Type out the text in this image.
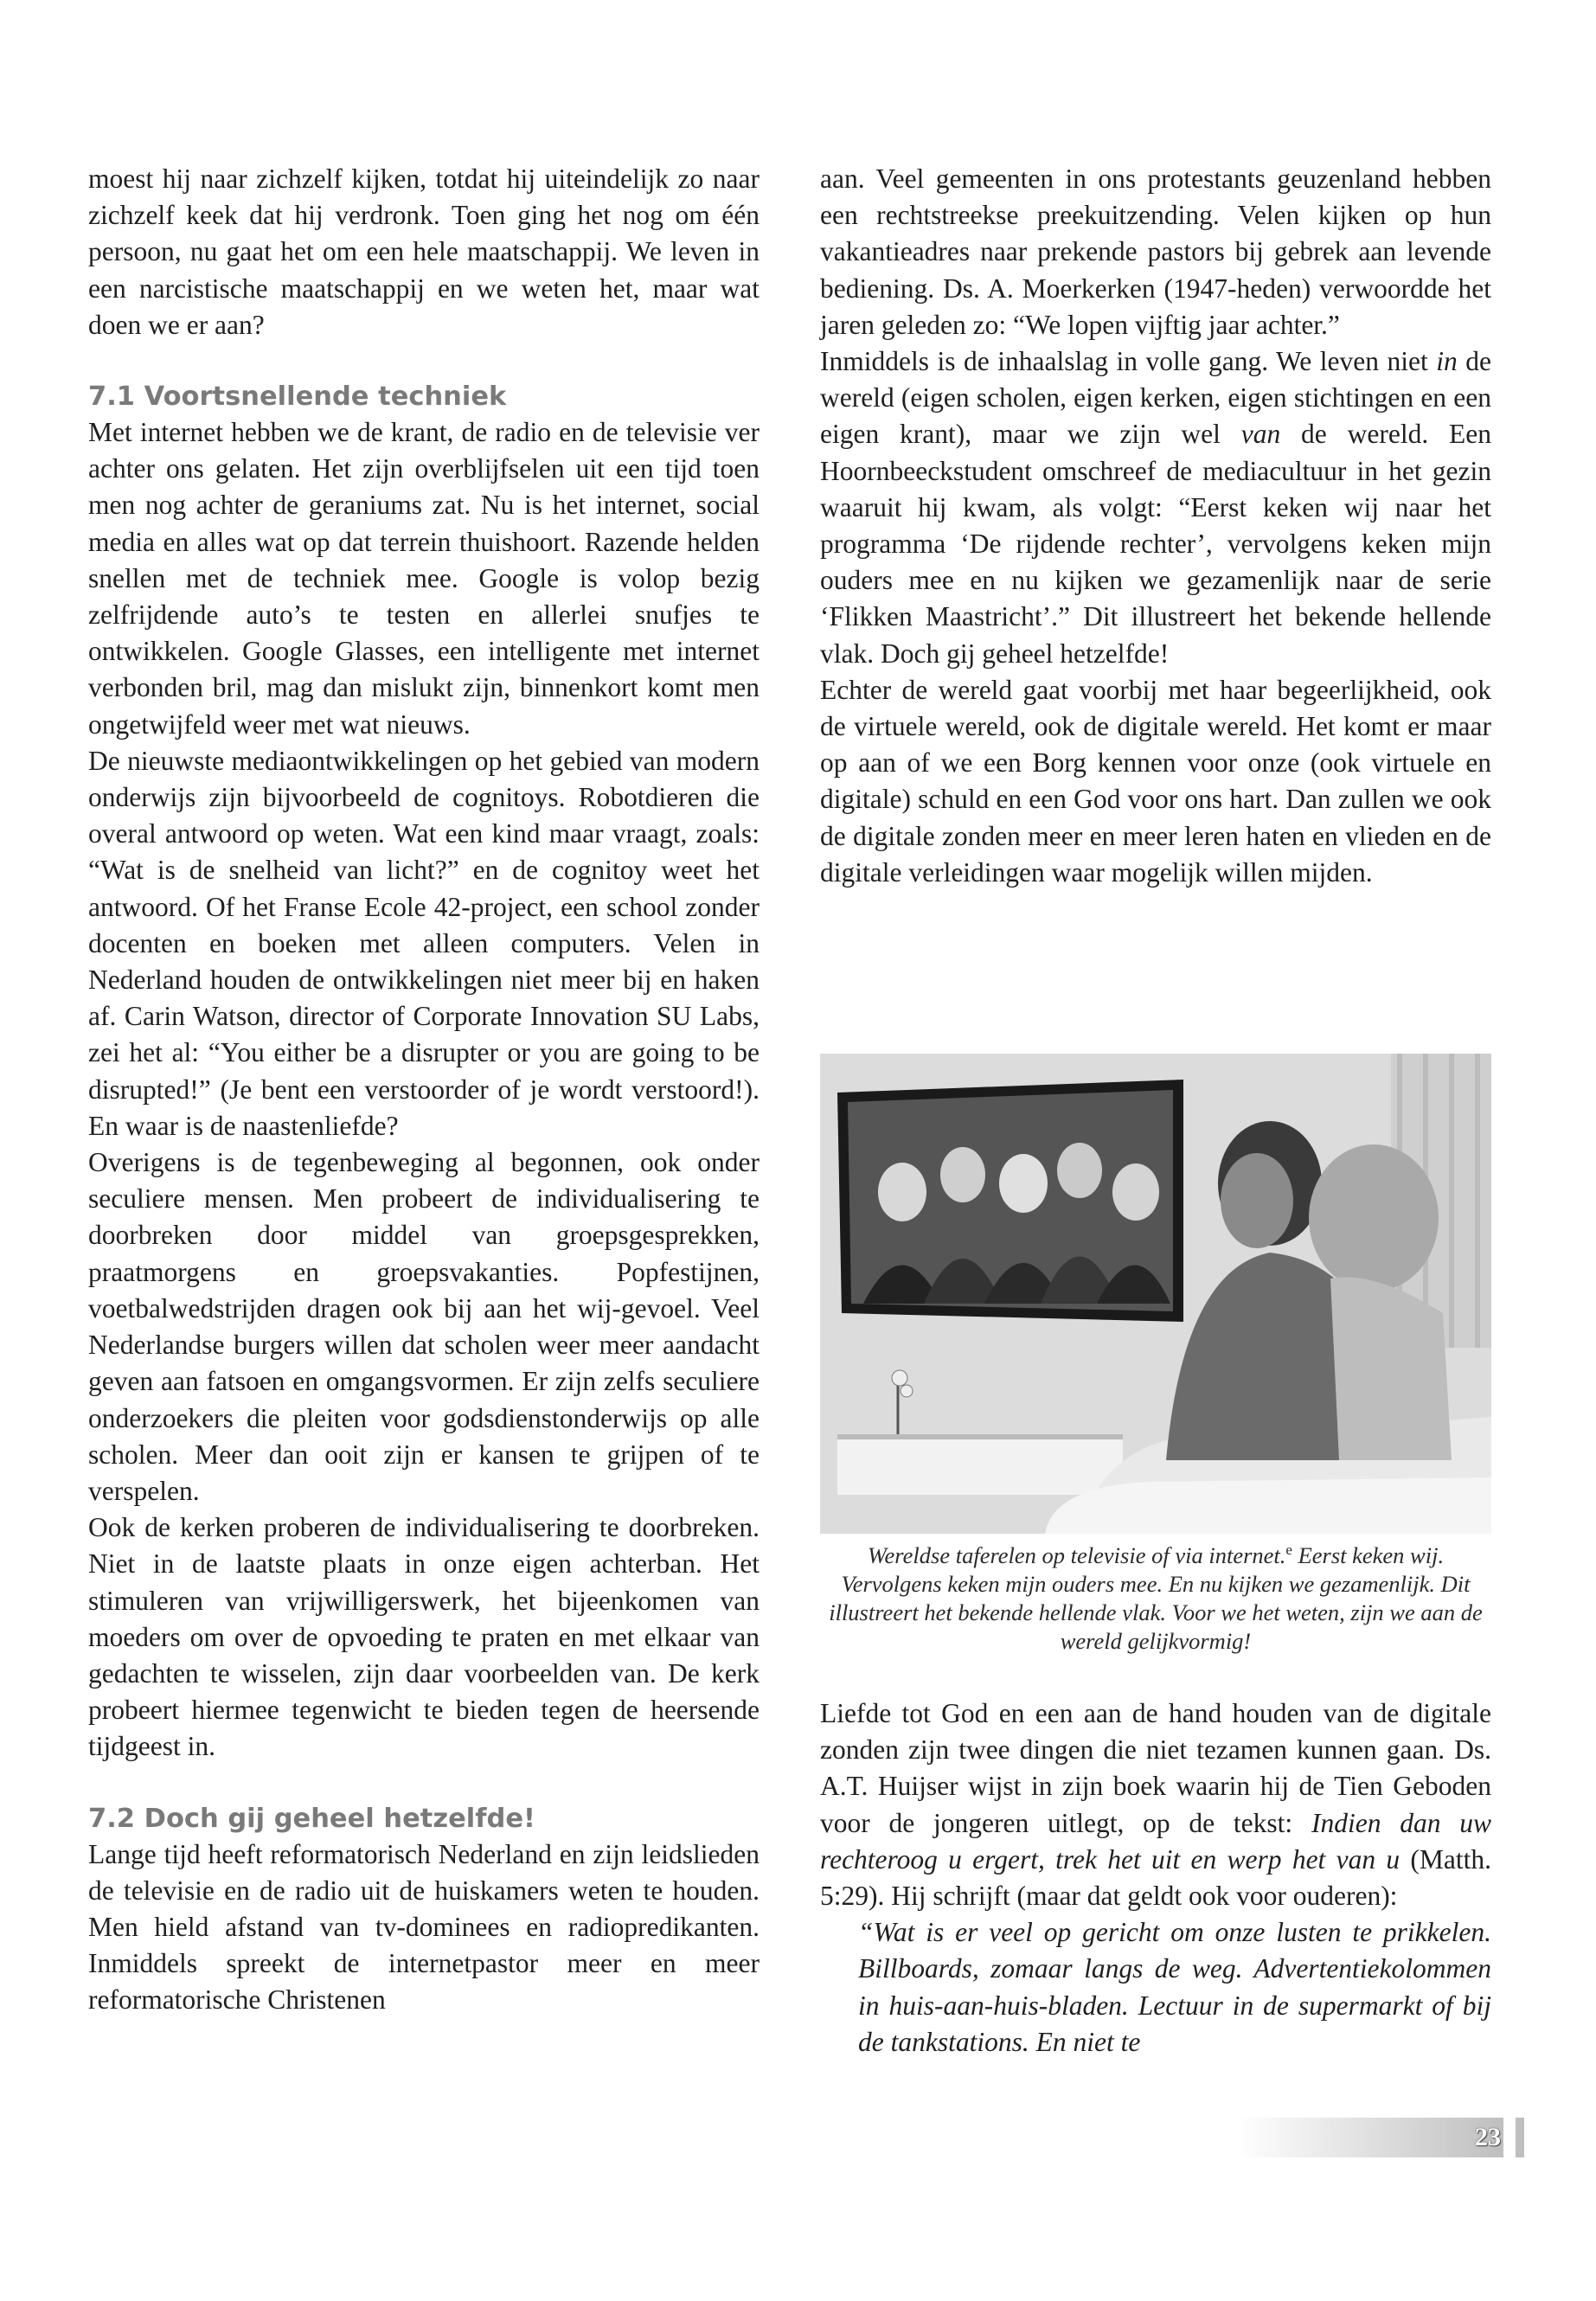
moest hij naar zichzelf kijken, totdat hij uiteindelijk zo naar zichzelf keek dat hij verdronk. Toen ging het nog om één persoon, nu gaat het om een hele maatschappij. We leven in een narcistische maatschappij en we weten het, maar wat doen we er aan?

7.1 Voortsnellende techniek

Met internet hebben we de krant, de radio en de televisie ver achter ons gelaten. Het zijn overblijfselen uit een tijd toen men nog achter de geraniums zat. Nu is het internet, social media en alles wat op dat terrein thuishoort. Razende helden snellen met de techniek mee. Google is volop bezig zelfrijdende auto’s te testen en allerlei snufjes te ontwikkelen. Google Glasses, een intelligente met internet verbonden bril, mag dan mislukt zijn, binnenkort komt men ongetwijfeld weer met wat nieuws.

De nieuwste mediaontwikkelingen op het gebied van modern onderwijs zijn bijvoorbeeld de cognitoys. Robotdieren die overal antwoord op weten. Wat een kind maar vraagt, zoals: “Wat is de snelheid van licht?” en de cognitoy weet het antwoord. Of het Franse Ecole 42-project, een school zonder docenten en boeken met alleen computers. Velen in Nederland houden de ontwikkelingen niet meer bij en haken af. Carin Watson, director of Corporate Innovation SU Labs, zei het al: “You either be a disrupter or you are going to be disrupted!” (Je bent een verstoorder of je wordt verstoord!). En waar is de naastenliefde?

Overigens is de tegenbeweging al begonnen, ook onder seculiere mensen. Men probeert de individualisering te doorbreken door middel van groepsgesprekken, praatmorgens en groepsvakanties. Popfestijnen, voetbalwedstrijden dragen ook bij aan het wij-gevoel. Veel Nederlandse burgers willen dat scholen weer meer aandacht geven aan fatsoen en omgangsvormen. Er zijn zelfs seculiere onderzoekers die pleiten voor godsdienstonderwijs op alle scholen. Meer dan ooit zijn er kansen te grijpen of te verspelen.

Ook de kerken proberen de individualisering te doorbreken. Niet in de laatste plaats in onze eigen achterban. Het stimuleren van vrijwilligerswerk, het bijeenkomen van moeders om over de opvoeding te praten en met elkaar van gedachten te wisselen, zijn daar voorbeelden van. De kerk probeert hiermee tegenwicht te bieden tegen de heersende tijdgeest in.

7.2 Doch gij geheel hetzelfde!

Lange tijd heeft reformatorisch Nederland en zijn leidslieden de televisie en de radio uit de huiskamers weten te houden. Men hield afstand van tv-dominees en radiopredikanten. Inmiddels spreekt de internetpastor meer en meer reformatorische Christenen

aan. Veel gemeenten in ons protestants geuzenland hebben een rechtstreekse preekuitzending. Velen kijken op hun vakantieadres naar prekende pastors bij gebrek aan levende bediening. Ds. A. Moerkerken (1947-heden) verwoordde het jaren geleden zo: “We lopen vijftig jaar achter.”

Inmiddels is de inhaalslag in volle gang. We leven niet in de wereld (eigen scholen, eigen kerken, eigen stichtingen en een eigen krant), maar we zijn wel van de wereld. Een Hoornbeeckstudent omschreef de mediacultuur in het gezin waaruit hij kwam, als volgt: “Eerst keken wij naar het programma ‘De rijdende rechter’, vervolgens keken mijn ouders mee en nu kijken we gezamenlijk naar de serie ‘Flikken Maastricht’.” Dit illustreert het bekende hellende vlak. Doch gij geheel hetzelfde!

Echter de wereld gaat voorbij met haar begeerlijkheid, ook de virtuele wereld, ook de digitale wereld. Het komt er maar op aan of we een Borg kennen voor onze (ook virtuele en digitale) schuld en een God voor ons hart. Dan zullen we ook de digitale zonden meer en meer leren haten en vlieden en de digitale verleidingen waar mogelijk willen mijden.

Wereldse taferelen op televisie of via internet.$^e$ Eerst keken wij. Vervolgens keken mijn ouders mee. En nu kijken we gezamenlijk. Dit illustreert het bekende hellende vlak. Voor we het weten, zijn we aan de wereld gelijkvormig!

Liefde tot God en een aan de hand houden van de digitale zonden zijn twee dingen die niet tezamen kunnen gaan. Ds. A.T. Huijser wijst in zijn boek waarin hij de Tien Geboden voor de jongeren uitlegt, op de tekst: Indien dan uw rechteroog u ergert, trek het uit en werp het van u (Matth. 5:29). Hij schrijft (maar dat geldt ook voor ouderen):

“Wat is er veel op gericht om onze lusten te prikkelen. Billboards, zomaar langs de weg. Advertentiekolommen in huis-aan-huis-bladen. Lectuur in de supermarkt of bij de tankstations. En niet te

23
